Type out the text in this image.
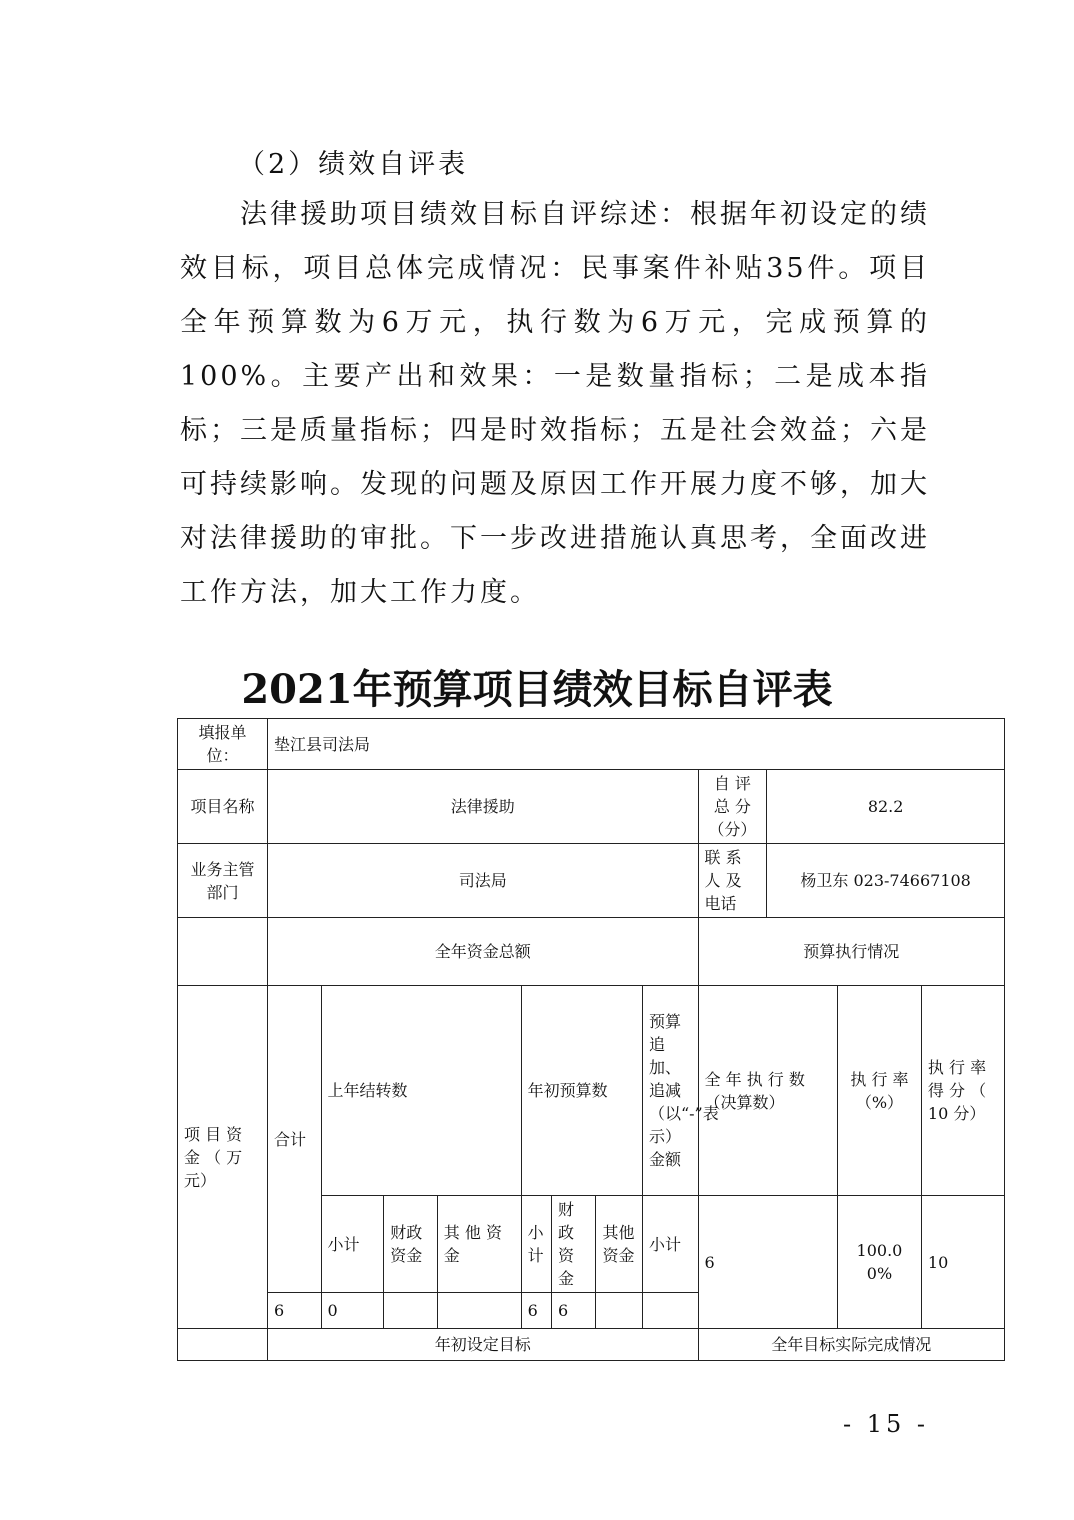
（2）绩效自评表
法律援助项目绩效目标自评综述：根据年初设定的绩效目标，项目总体完成情况：民事案件补贴35件。项目全年预算数为6万元，执行数为6万元，完成预算的100%。主要产出和效果：一是数量指标；二是成本指标；三是质量指标；四是时效指标；五是社会效益；六是可持续影响。发现的问题及原因工作开展力度不够，加大对法律援助的审批。下一步改进措施认真思考，全面改进工作方法，加大工作力度。
2021年预算项目绩效目标自评表
填报单位：	垫江县司法局											
项目名称	法律援助								自 评 总 分 （分）	82.2		
业务主管部门	司法局								联 系 人 及 电话	杨卫东 023-74667108		
	全年资金总额								预算执行情况			
项 目 资 金 （ 万 元）	合计	上年结转数			年初预算数			预算追加、追减（以“-”表示）金额	全 年 执 行 数 （决算数）		执 行 率 （%）	执 行 率 得 分 （ 10 分）
		小计	财政资金	其 他 资 金	小计	财政资金	其他资金	小计	6		100.00%	10
	6	0			6	6						
	年初设定目标								全年目标实际完成情况			
- 15 -
